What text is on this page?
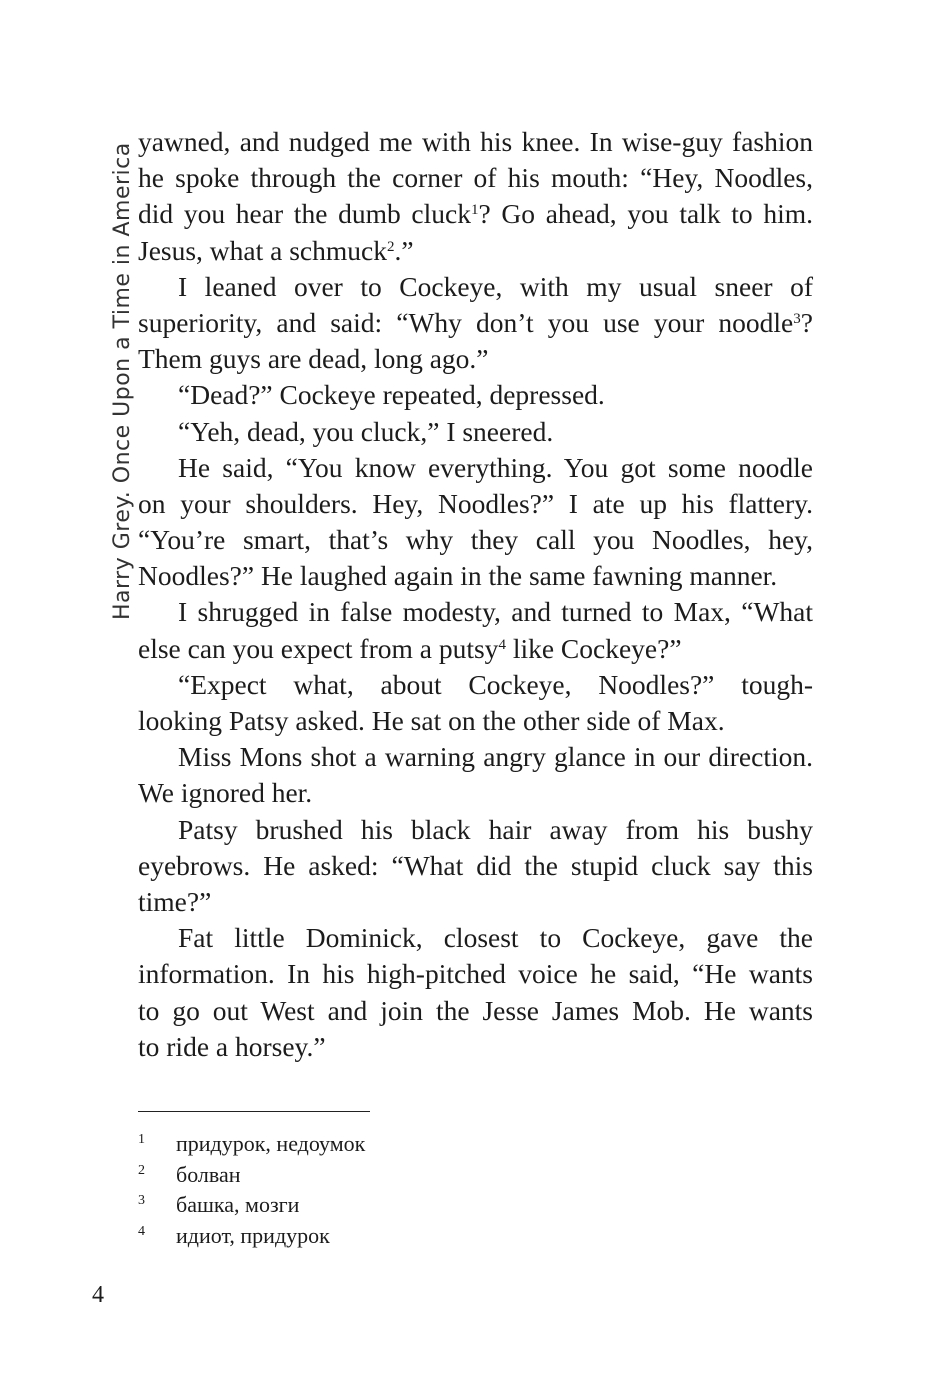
Harry Grey. Once Upon a Time in America
yawned, and nudged me with his knee. In wise-guy fashion
he spoke through the corner of his mouth: “Hey, Noodles,
did you hear the dumb cluck$^1$? Go ahead, you talk to him.
Jesus, what a schmuck$^2$.”
I leaned over to Cockeye, with my usual sneer of
superiority, and said: “Why don’t you use your noodle$^3$?
Them guys are dead, long ago.”
“Dead?” Cockeye repeated, depressed.
“Yeh, dead, you cluck,” I sneered.
He said, “You know everything. You got some noodle
on your shoulders. Hey, Noodles?” I ate up his flattery.
“You’re smart, that’s why they call you Noodles, hey,
Noodles?” He laughed again in the same fawning manner.
I shrugged in false modesty, and turned to Max, “What
else can you expect from a putsy$^4$ like Cockeye?”
“Expect what, about Cockeye, Noodles?” tough-
looking Patsy asked. He sat on the other side of Max.
Miss Mons shot a warning angry glance in our direction.
We ignored her.
Patsy brushed his black hair away from his bushy
eyebrows. He asked: “What did the stupid cluck say this
time?”
Fat little Dominick, closest to Cockeye, gave the
information. In his high-pitched voice he said, “He wants
to go out West and join the Jesse James Mob. He wants
to ride a horsey.”
1 придурок, недоумок
2 болван
3 башка, мозги
4 идиот, придурок
4
